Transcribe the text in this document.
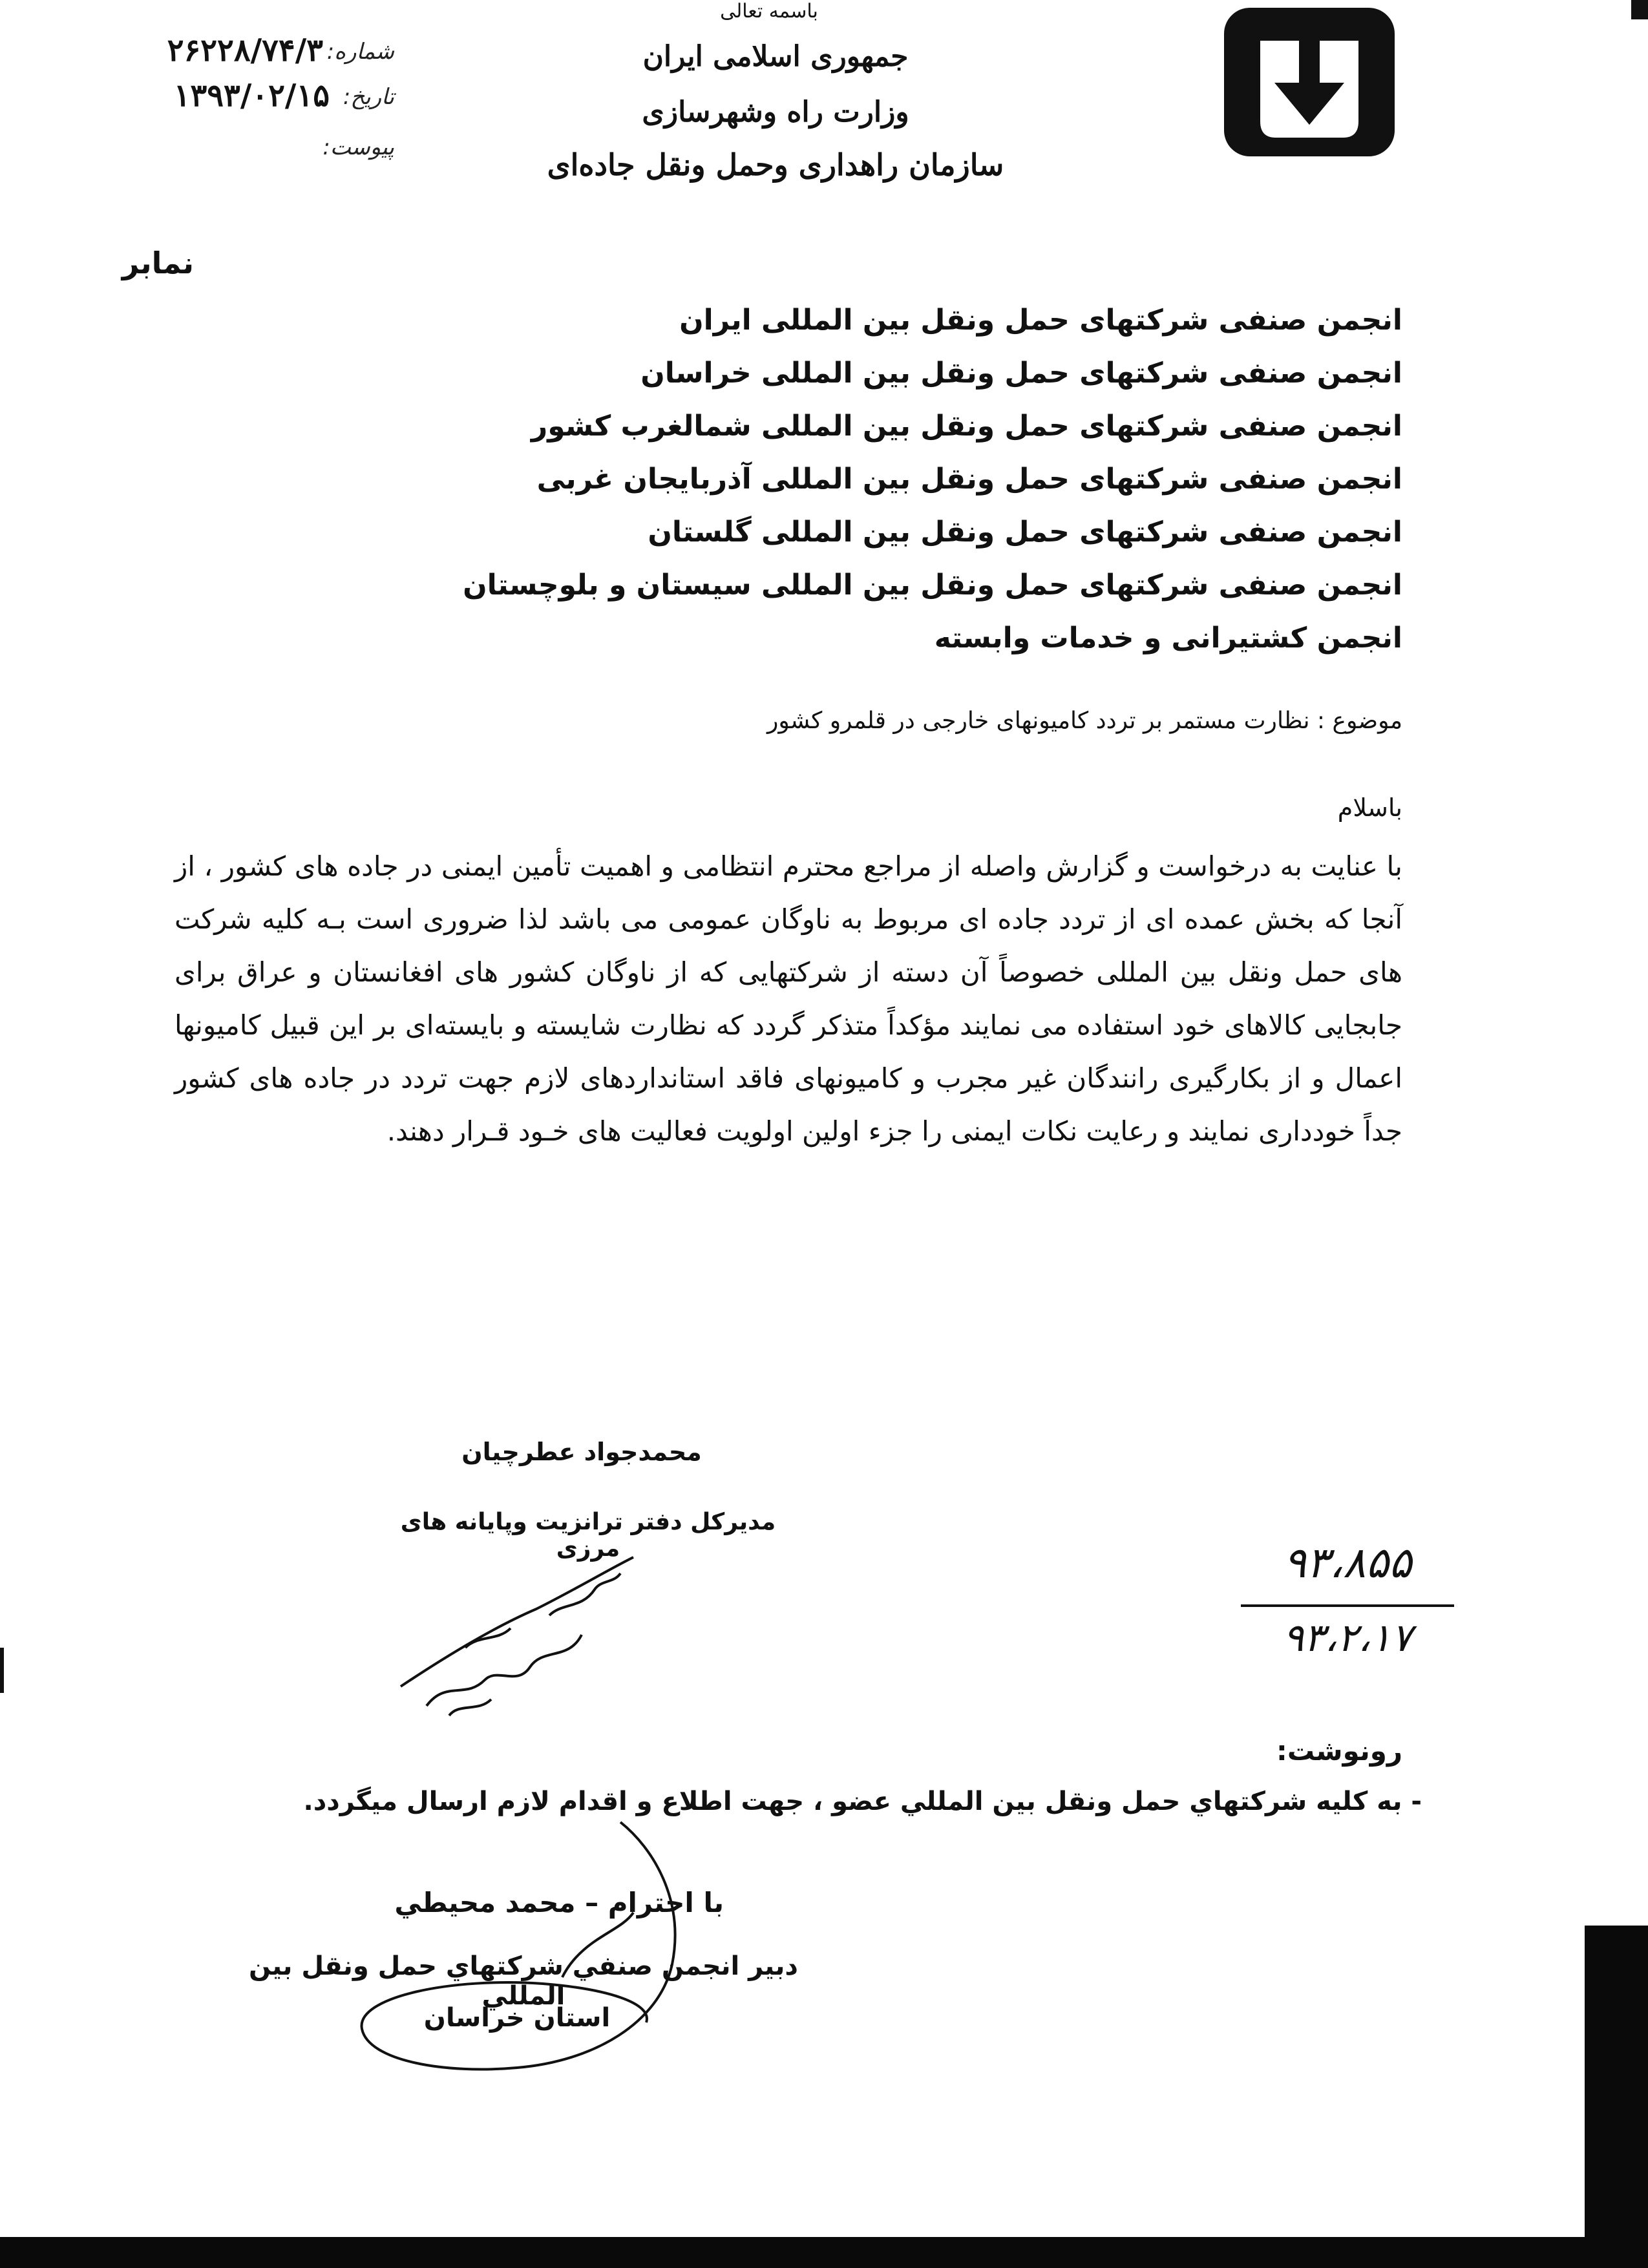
باسمه تعالی
جمهوری اسلامی ایران
وزارت راه وشهرسازی
سازمان راهداری وحمل ونقل جاده‌ای
شماره:
۲۶۲۲۸/۷۴/۳
تاریخ:
۱۳۹۳/۰۲/۱۵
پیوست:
نمابر
انجمن صنفی شرکتهای حمل ونقل بین المللی ایران
انجمن صنفی شرکتهای حمل ونقل بین المللی خراسان
انجمن صنفی شرکتهای حمل ونقل بین المللی شمالغرب کشور
انجمن صنفی شرکتهای حمل ونقل بین المللی آذربایجان غربی
انجمن صنفی شرکتهای حمل ونقل بین المللی گلستان
انجمن صنفی شرکتهای حمل ونقل بین المللی سیستان و بلوچستان
انجمن کشتیرانی و خدمات وابسته
موضوع : نظارت مستمر بر تردد کامیونهای خارجی در قلمرو کشور
باسلام
با عنایت به درخواست و گزارش واصله از مراجع محترم انتظامی و اهمیت تأمین ایمنی در جاده های کشور ، از آنجا که بخش عمده ای از تردد جاده ای مربوط به ناوگان عمومی می باشد لذا ضروری است بـه کلیه شرکت های حمل ونقل بین المللی خصوصاً آن دسته از شرکتهایی که از ناوگان کشور های افغانستان و عراق برای جابجایی کالاهای خود استفاده می نمایند مؤکداً متذکر گردد که نظارت شایسته و بایسته‌ای بر این قبیل کامیونها اعمال و از بکارگیری رانندگان غیر مجرب و کامیونهای فاقد استانداردهای لازم جهت تردد در جاده های کشور جداً خودداری نمایند و رعایت نکات ایمنی را جزء اولین اولویت فعالیت های خـود قـرار دهند.
محمدجواد عطرچیان
مدیرکل دفتر ترانزیت وپایانه های مرزی	۹۳،۸۵۵
۹۳،۲،۱۷
رونوشت:
- به کلیه شرکتهاي حمل ونقل بین المللي عضو ، جهت اطلاع و اقدام لازم ارسال میگردد.
با احترام – محمد محیطي
دبیر انجمن صنفي شرکتهاي حمل ونقل بین المللي
استان خراسان
